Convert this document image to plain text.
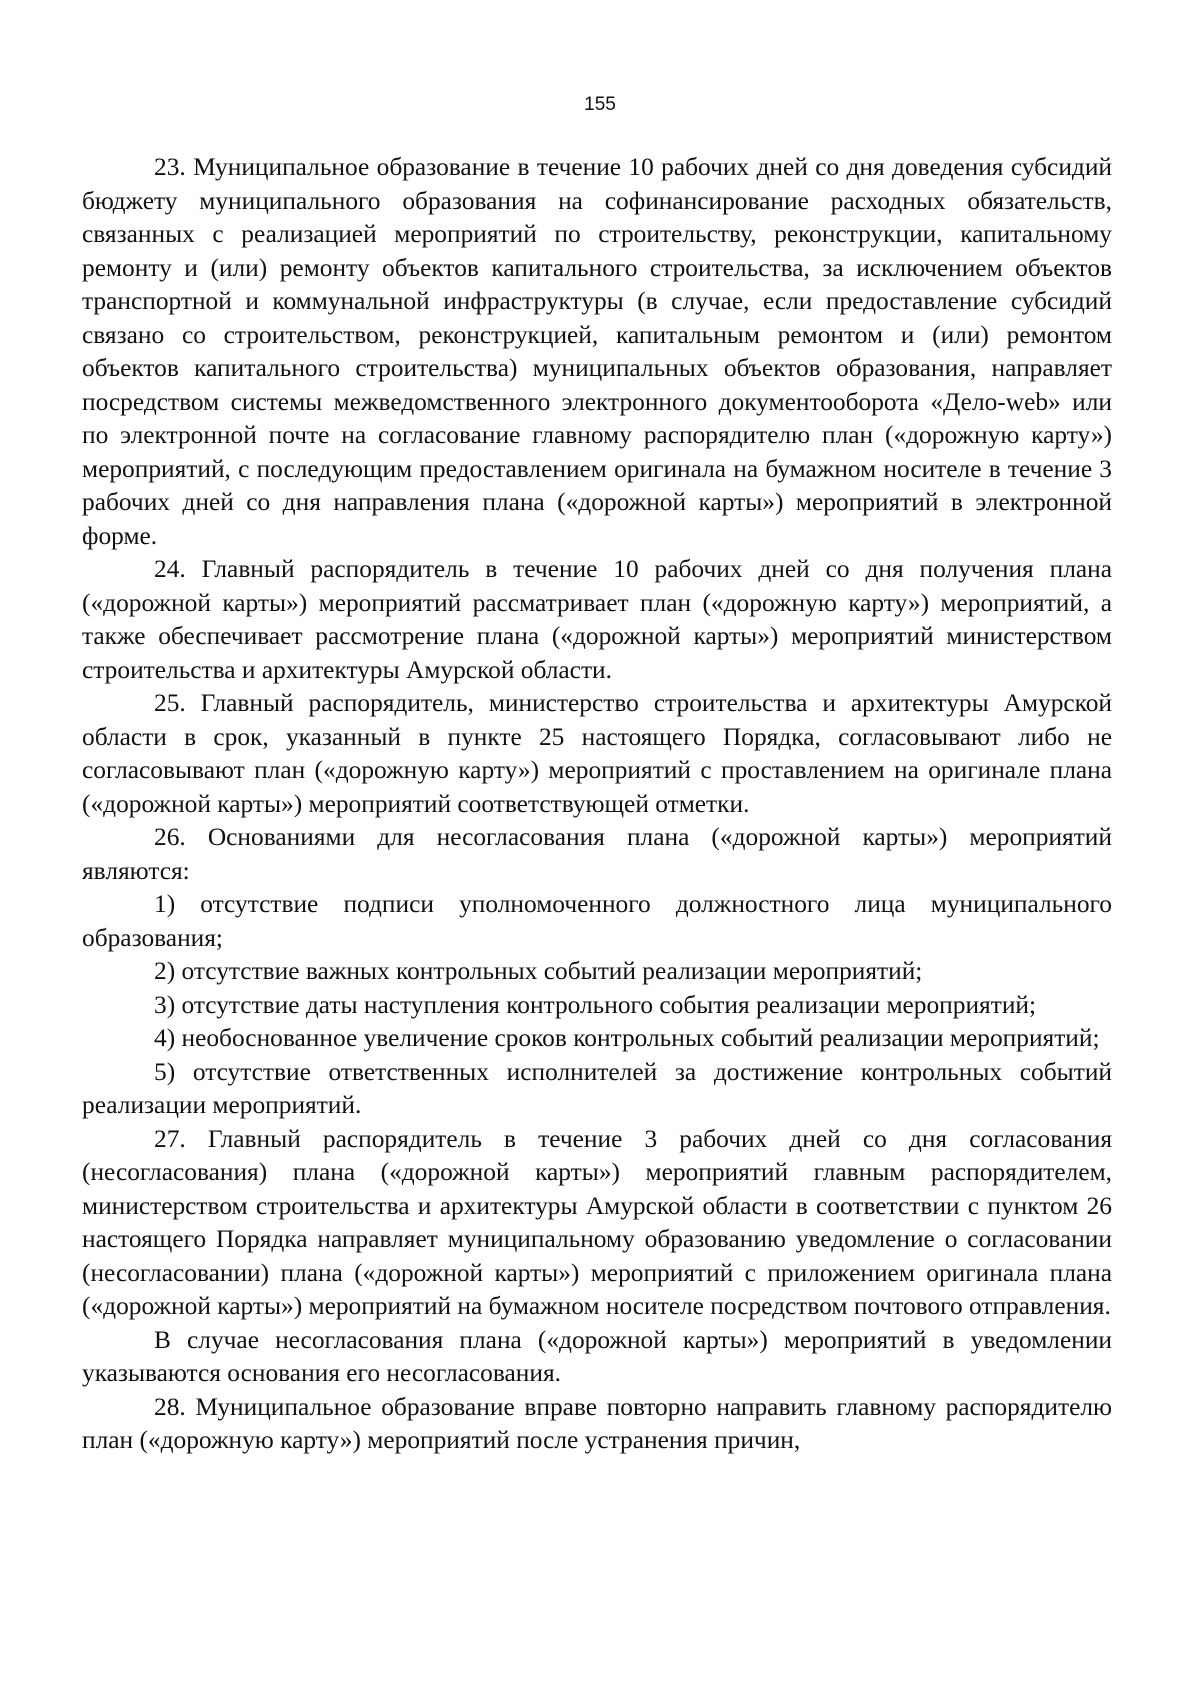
155

23. Муниципальное образование в течение 10 рабочих дней со дня доведения субсидий бюджету муниципального образования на софинансирование расходных обязательств, связанных с реализацией мероприятий по строительству, реконструкции, капитальному ремонту и (или) ремонту объектов капитального строительства, за исключением объектов транспортной и коммунальной инфраструктуры (в случае, если предоставление субсидий связано со строительством, реконструкцией, капитальным ремонтом и (или) ремонтом объектов капитального строительства) муниципальных объектов образования, направляет посредством системы межведомственного электронного документооборота «Дело-web» или по электронной почте на согласование главному распорядителю план («дорожную карту») мероприятий, с последующим предоставлением оригинала на бумажном носителе в течение 3 рабочих дней со дня направления плана («дорожной карты») мероприятий в электронной форме.

24. Главный распорядитель в течение 10 рабочих дней со дня получения плана («дорожной карты») мероприятий рассматривает план («дорожную карту») мероприятий, а также обеспечивает рассмотрение плана («дорожной карты») мероприятий министерством строительства и архитектуры Амурской области.

25. Главный распорядитель, министерство строительства и архитектуры Амурской области в срок, указанный в пункте 25 настоящего Порядка, согласовывают либо не согласовывают план («дорожную карту») мероприятий с проставлением на оригинале плана («дорожной карты») мероприятий соответствующей отметки.

26. Основаниями для несогласования плана («дорожной карты») мероприятий являются:

1) отсутствие подписи уполномоченного должностного лица муниципального образования;

2) отсутствие важных контрольных событий реализации мероприятий;

3) отсутствие даты наступления контрольного события реализации мероприятий;

4) необоснованное увеличение сроков контрольных событий реализации мероприятий;

5) отсутствие ответственных исполнителей за достижение контрольных событий реализации мероприятий.

27. Главный распорядитель в течение 3 рабочих дней со дня согласования (несогласования) плана («дорожной карты») мероприятий главным распорядителем, министерством строительства и архитектуры Амурской области в соответствии с пунктом 26 настоящего Порядка направляет муниципальному образованию уведомление о согласовании (несогласовании) плана («дорожной карты») мероприятий с приложением оригинала плана («дорожной карты») мероприятий на бумажном носителе посредством почтового отправления.

В случае несогласования плана («дорожной карты») мероприятий в уведомлении указываются основания его несогласования.

28. Муниципальное образование вправе повторно направить главному распорядителю план («дорожную карту») мероприятий после устранения причин,
